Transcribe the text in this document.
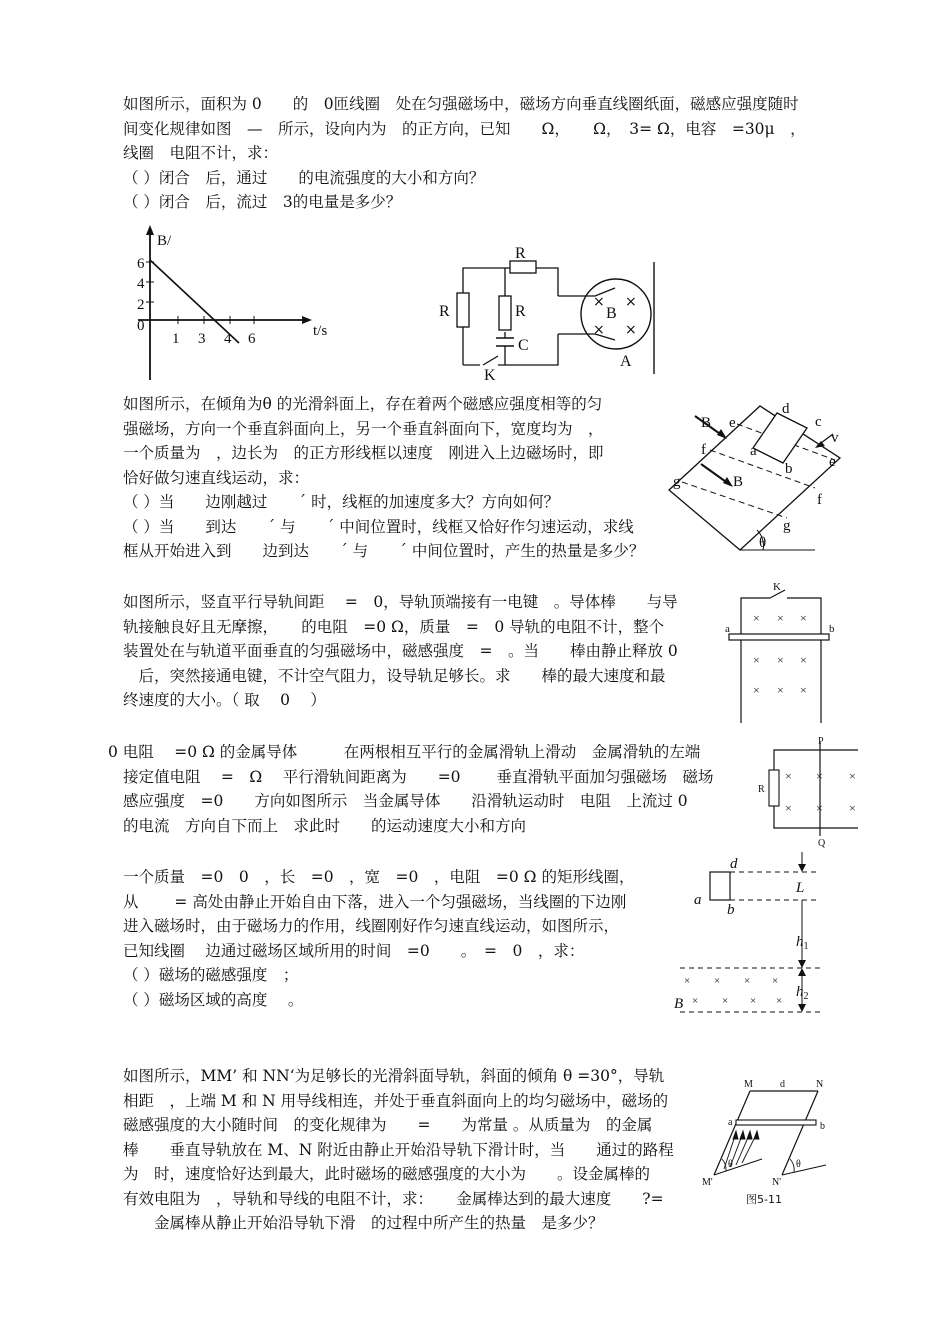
如图所示，面积为 0　　的　0匝线圈　处在匀强磁场中，磁场方向垂直线圈纸面，磁感应强度随时
间变化规律如图　—　所示，设向内为　的正方向，已知　　Ω，　　Ω，　3= Ω，电容　=30μ　，
线圈　电阻不计，求：
（ ）闭合　后，通过　　的电流强度的大小和方向？
（ ）闭合　后，流过　3的电量是多少？
B/
t/s
6
4
2
0
1 3 4 6
R
R	R
C
K
× ×
× ×
B
A
如图所示，在倾角为θ 的光滑斜面上，存在着两个磁感应强度相等的匀
强磁场，方向一个垂直斜面向上，另一个垂直斜面向下，宽度均为　，
一个质量为　，边长为　的正方形线框以速度　刚进入上边磁场时，即
恰好做匀速直线运动，求：
（ ）当　　边刚越过　　´ 时，线框的加速度多大？方向如何？
（ ）当　　到达　　´ 与　　´ 中间位置时，线框又恰好作匀速运动，求线
框从开始进入到　　边到达　　´ 与　　´ 中间位置时，产生的热量是多少？	θ
a
b
c
d
v
B
B
e
e
f
f
g
g
如图所示，竖直平行导轨间距　 =　0，导轨顶端接有一电键　。导体棒　　与导
轨接触良好且无摩擦，　　的电阻　=0 Ω，质量　=　0 导轨的电阻不计，整个
装置处在与轨道平面垂直的匀强磁场中，磁感强度　=　。当　　棒由静止释放 0
　后，突然接通电键，不计空气阻力，设导轨足够长。求　　棒的最大速度和最
终速度的大小。（ 取　 0　 ）
K
a	b
× × ×
× × ×
× × ×
0 电阻　 =0 Ω 的金属导体　　　在两根相互平行的金属滑轨上滑动　金属滑轨的左端
接定值电阻　 =　Ω　 平行滑轨间距离为　　=0　　 垂直滑轨平面加匀强磁场　磁场
感应强度　=0　　方向如图所示　当金属导体　　沿滑轨运动时　电阻　上流过 0
的电流　方向自下而上　求此时　　的运动速度大小和方向
R
P
Q
× × ×
× × ×
一个质量　=0　0　，长　=0　，宽　=0　，电阻　=0 Ω 的矩形线圈，
从　　 = 高处由静止开始自由下落，进入一个匀强磁场，当线圈的下边刚
进入磁场时，由于磁场力的作用，线圈刚好作匀速直线运动，如图所示，
已知线圈　 边通过磁场区域所用的时间　=0　　。　=　0　，求：
（ ）磁场的磁感强度　；
（ ）磁场区域的高度　 。
d
a
b
L
$h_1$
$h_2$
B
× × × ×
× × × ×
如图所示，MM’ 和 NN‘为足够长的光滑斜面导轨，斜面的倾角 θ =30°，导轨
相距　，上端 M 和 N 用导线相连，并处于垂直斜面向上的均匀磁场中，磁场的
磁感强度的大小随时间　的变化规律为　　=　　为常量 。从质量为　的金属
棒　　垂直导轨放在 M、N 附近由静止开始沿导轨下滑计时，当　　通过的路程
为　时，速度恰好达到最大，此时磁场的磁感强度的大小为　　。设金属棒的
有效电阻为　，导轨和导线的电阻不计，求：　　金属棒达到的最大速度　　?=
　　金属棒从静止开始沿导轨下滑　的过程中所产生的热量　是多少？
M	d	N
a	b
θ	θ
M'	N'
图5-11
